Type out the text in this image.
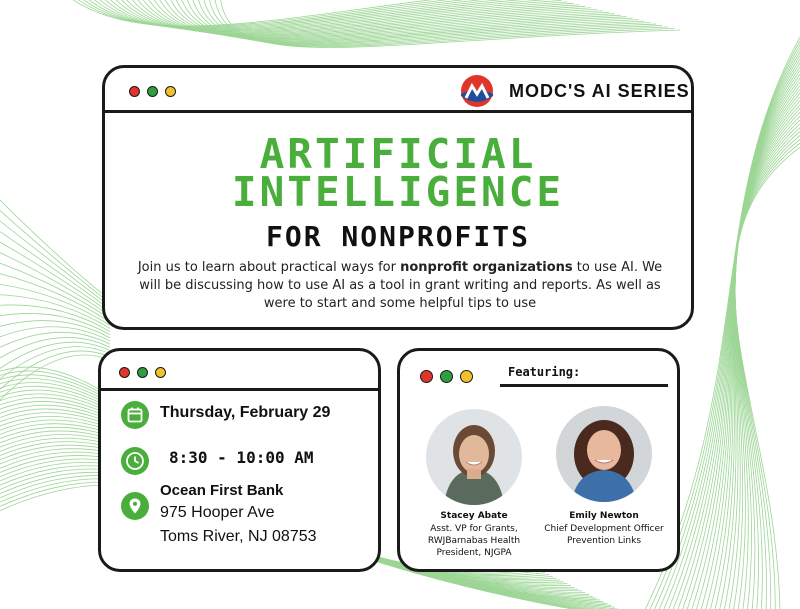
MODC'S AI SERIES
ARTIFICIAL
INTELLIGENCE
FOR NONPROFITS
Join us to learn about practical ways for nonprofit organizations to use AI. We will be discussing how to use AI as a tool in grant writing and reports. As well as were to start and some helpful tips to use
Thursday, February 29
8:30 - 10:00 AM
Ocean First Bank
975 Hooper Ave
Toms River, NJ 08753
Featuring:
Stacey Abate
Asst. VP for Grants,
RWJBarnabas Health
President, NJGPA
Emily Newton
Chief Development Officer
Prevention Links
